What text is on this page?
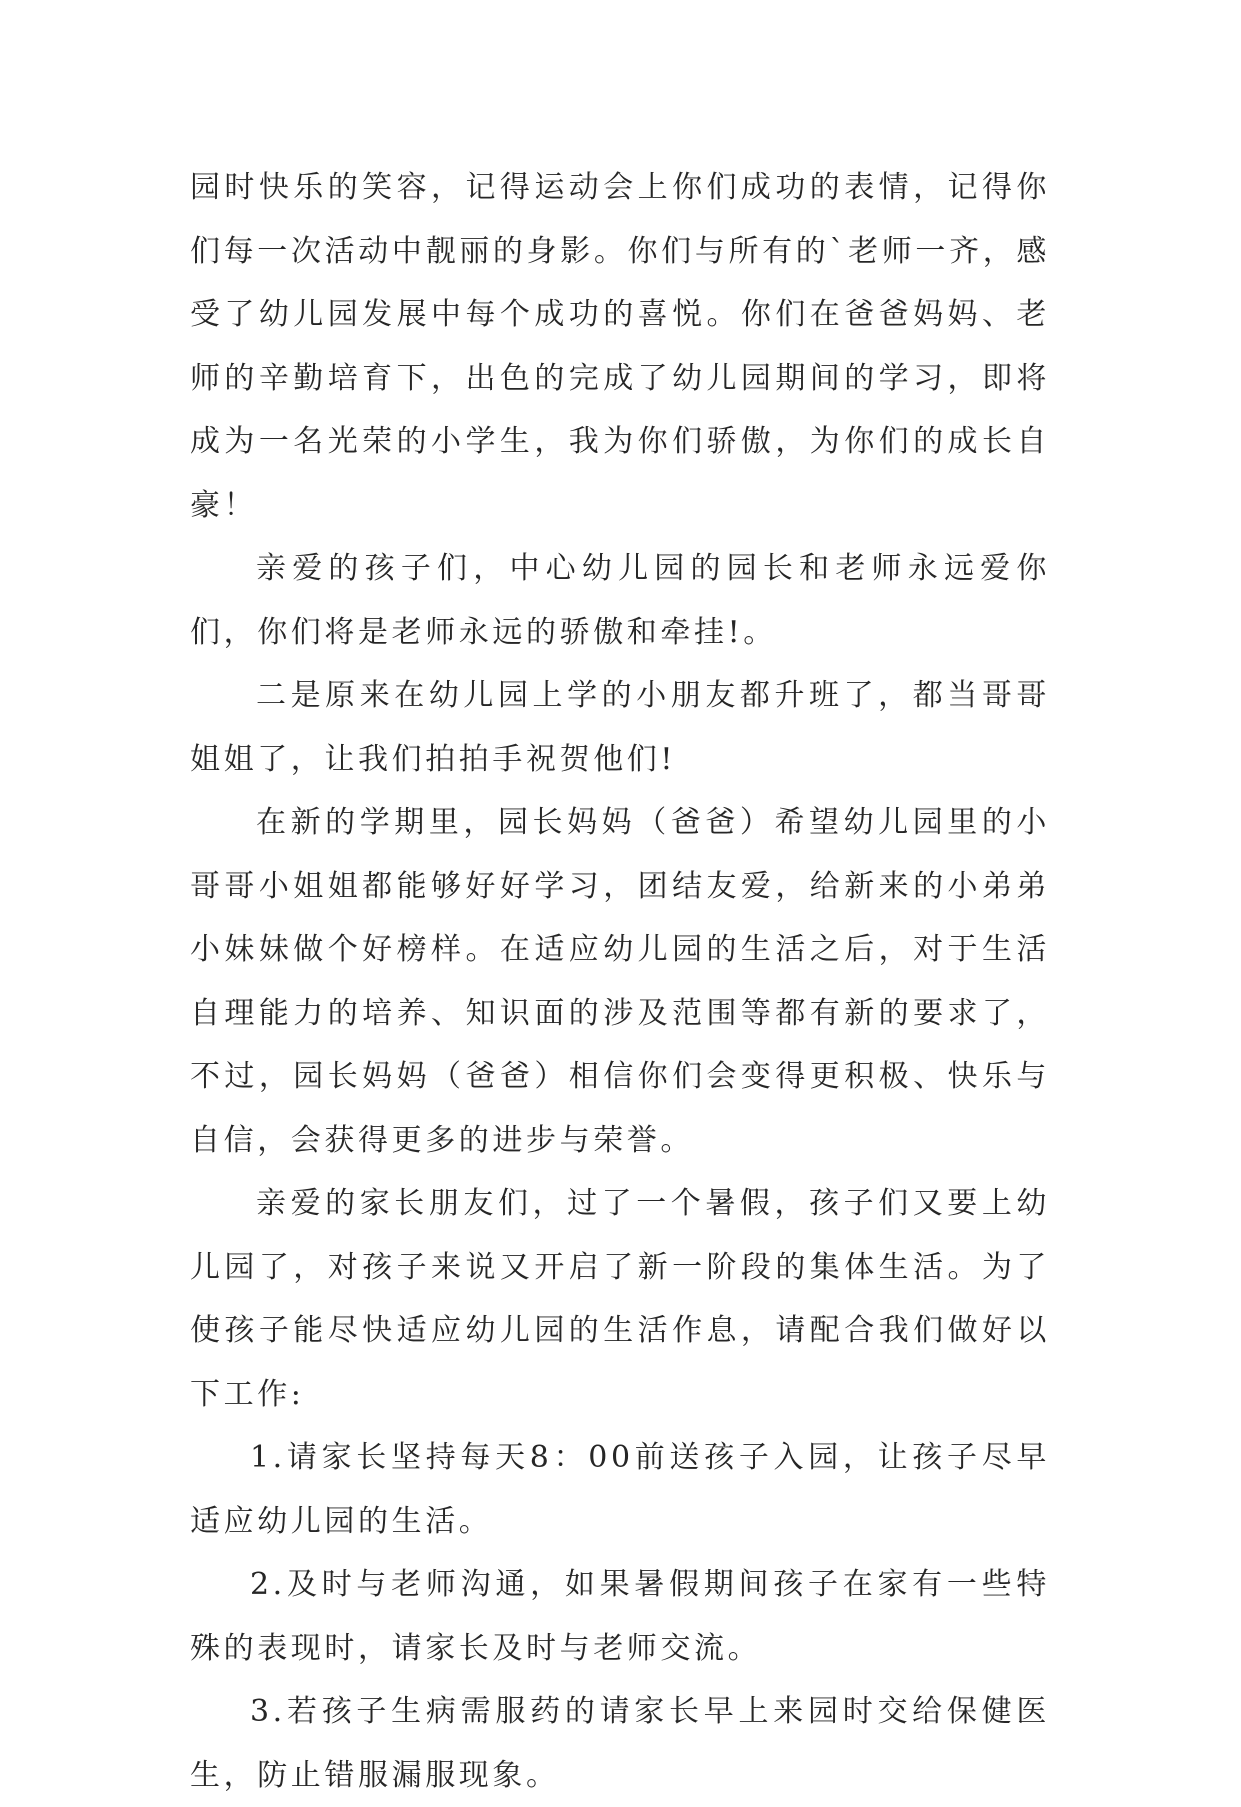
园时快乐的笑容，记得运动会上你们成功的表情，记得你们每一次活动中靓丽的身影。你们与所有的`老师一齐，感受了幼儿园发展中每个成功的喜悦。你们在爸爸妈妈、老师的辛勤培育下，出色的完成了幼儿园期间的学习，即将成为一名光荣的小学生，我为你们骄傲，为你们的成长自豪！

亲爱的孩子们，中心幼儿园的园长和老师永远爱你们，你们将是老师永远的骄傲和牵挂!。

二是原来在幼儿园上学的小朋友都升班了，都当哥哥姐姐了，让我们拍拍手祝贺他们!

在新的学期里，园长妈妈（爸爸）希望幼儿园里的小哥哥小姐姐都能够好好学习，团结友爱，给新来的小弟弟小妹妹做个好榜样。在适应幼儿园的生活之后，对于生活自理能力的培养、知识面的涉及范围等都有新的要求了，不过，园长妈妈（爸爸）相信你们会变得更积极、快乐与自信，会获得更多的进步与荣誉。

亲爱的家长朋友们，过了一个暑假，孩子们又要上幼儿园了，对孩子来说又开启了新一阶段的集体生活。为了使孩子能尽快适应幼儿园的生活作息，请配合我们做好以下工作:

1.请家长坚持每天8：00前送孩子入园，让孩子尽早适应幼儿园的生活。

2.及时与老师沟通，如果暑假期间孩子在家有一些特殊的表现时，请家长及时与老师交流。

3.若孩子生病需服药的请家长早上来园时交给保健医生，防止错服漏服现象。
